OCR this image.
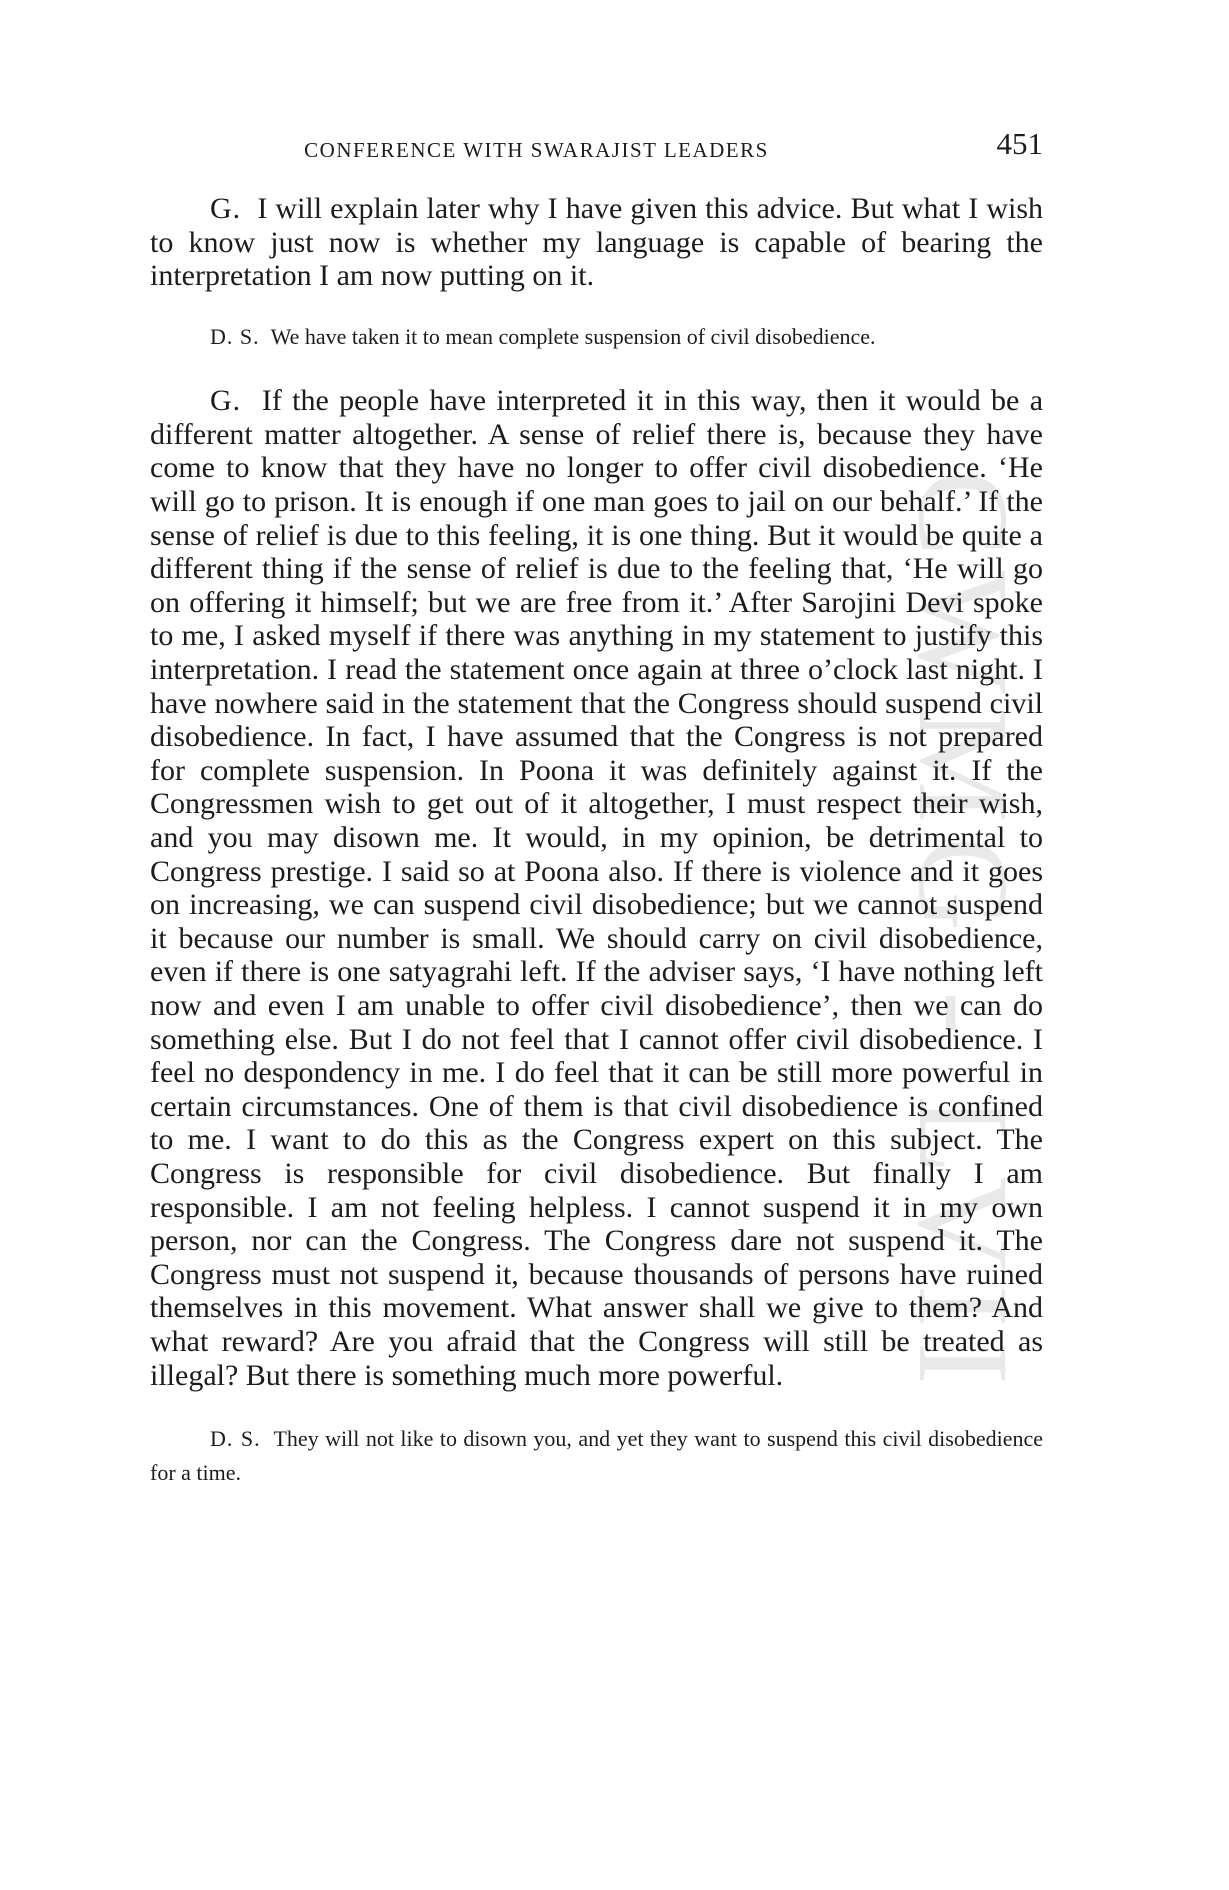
CWMG - LVII
CONFERENCE WITH SWARAJIST LEADERS	451

G. I will explain later why I have given this advice. But what I wish to know just now is whether my language is capable of bearing the interpretation I am now putting on it.

D. S. We have taken it to mean complete suspension of civil disobedience.

G. If the people have interpreted it in this way, then it would be a different matter altogether. A sense of relief there is, because they have come to know that they have no longer to offer civil disobedience. ‘He will go to prison. It is enough if one man goes to jail on our behalf.’ If the sense of relief is due to this feeling, it is one thing. But it would be quite a different thing if the sense of relief is due to the feeling that, ‘He will go on offering it himself; but we are free from it.’ After Sarojini Devi spoke to me, I asked myself if there was anything in my statement to justify this interpretation. I read the statement once again at three o’clock last night. I have nowhere said in the statement that the Congress should suspend civil disobedience. In fact, I have assumed that the Congress is not prepared for complete suspension. In Poona it was definitely against it. If the Congressmen wish to get out of it altogether, I must respect their wish, and you may disown me. It would, in my opinion, be detrimental to Congress prestige. I said so at Poona also. If there is violence and it goes on increasing, we can suspend civil disobedience; but we cannot suspend it because our number is small. We should carry on civil disobedience, even if there is one satyagrahi left. If the adviser says, ‘I have nothing left now and even I am unable to offer civil disobedience’, then we can do something else. But I do not feel that I cannot offer civil disobedience. I feel no despondency in me. I do feel that it can be still more powerful in certain circumstances. One of them is that civil disobedience is confined to me. I want to do this as the Congress expert on this subject. The Congress is responsible for civil disobedience. But finally I am responsible. I am not feeling helpless. I cannot suspend it in my own person, nor can the Congress. The Congress dare not suspend it. The Congress must not suspend it, because thousands of persons have ruined themselves in this movement. What answer shall we give to them? And what reward? Are you afraid that the Congress will still be treated as illegal? But there is something much more powerful.

D. S. They will not like to disown you, and yet they want to suspend this civil disobedience for a time.
